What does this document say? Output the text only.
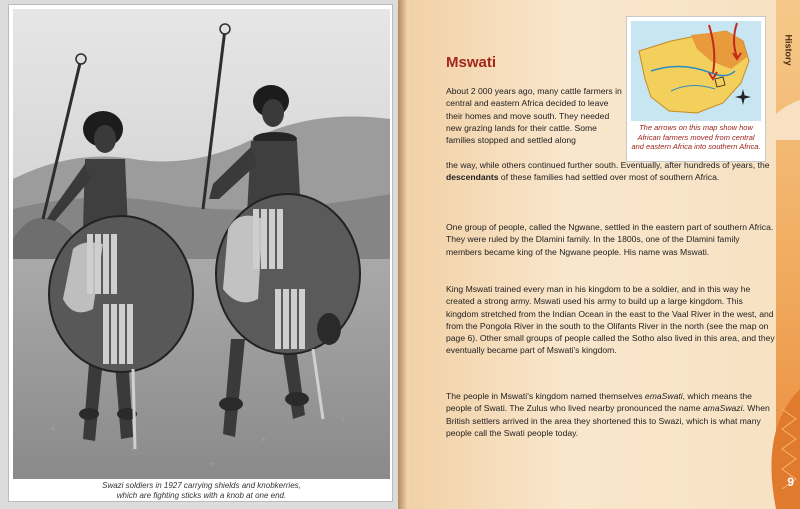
Swazi soldiers in 1927 carrying shields and knobkerries,
which are fighting sticks with a knob at one end.
History
9
Mswati
The arrows on this map show how African farmers moved from central and eastern Africa into southern Africa.

About 2 000 years ago, many cattle farmers in central and eastern Africa decided to leave their homes and move south. They needed new grazing lands for their cattle. Some families stopped and settled along

the way, while others continued further south. Eventually, after hundreds of years, the descendants of these families had settled over most of southern Africa.

One group of people, called the Ngwane, settled in the eastern part of southern Africa. They were ruled by the Dlamini family. In the 1800s, one of the Dlamini family members became king of the Ngwane people. His name was Mswati.

King Mswati trained every man in his kingdom to be a soldier, and in this way he created a strong army. Mswati used his army to build up a large kingdom. This kingdom stretched from the Indian Ocean in the east to the Vaal River in the west, and from the Pongola River in the south to the Olifants River in the north (see the map on page 6). Other small groups of people called the Sotho also lived in this area, and they eventually became part of Mswati's kingdom.

The people in Mswati's kingdom named themselves emaSwati, which means the people of Swati. The Zulus who lived nearby pronounced the name amaSwazi. When British settlers arrived in the area they shortened this to Swazi, which is what many people call the Swati people today.
